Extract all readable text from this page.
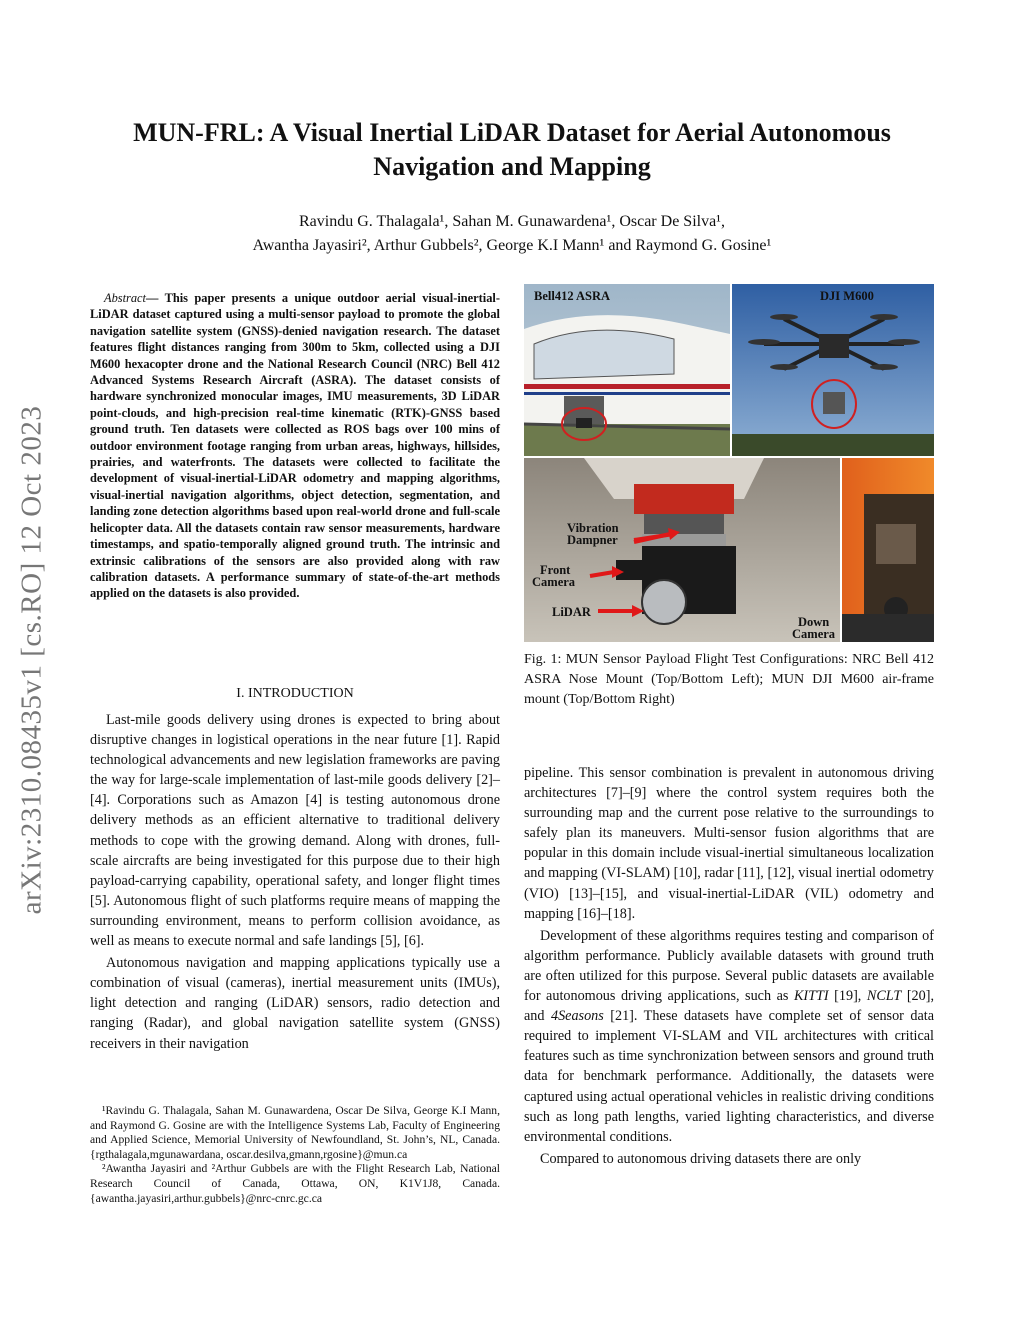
MUN-FRL: A Visual Inertial LiDAR Dataset for Aerial Autonomous
Navigation and Mapping
Ravindu G. Thalagala¹, Sahan M. Gunawardena¹, Oscar De Silva¹,
Awantha Jayasiri², Arthur Gubbels², George K.I Mann¹ and Raymond G. Gosine¹
arXiv:2310.08435v1 [cs.RO] 12 Oct 2023
Abstract— This paper presents a unique outdoor aerial visual-inertial-LiDAR dataset captured using a multi-sensor payload to promote the global navigation satellite system (GNSS)-denied navigation research. The dataset features flight distances ranging from 300m to 5km, collected using a DJI M600 hexacopter drone and the National Research Council (NRC) Bell 412 Advanced Systems Research Aircraft (ASRA). The dataset consists of hardware synchronized monocular images, IMU measurements, 3D LiDAR point-clouds, and high-precision real-time kinematic (RTK)-GNSS based ground truth. Ten datasets were collected as ROS bags over 100 mins of outdoor environment footage ranging from urban areas, highways, hillsides, prairies, and waterfronts. The datasets were collected to facilitate the development of visual-inertial-LiDAR odometry and mapping algorithms, visual-inertial navigation algorithms, object detection, segmentation, and landing zone detection algorithms based upon real-world drone and full-scale helicopter data. All the datasets contain raw sensor measurements, hardware timestamps, and spatio-temporally aligned ground truth. The intrinsic and extrinsic calibrations of the sensors are also provided along with raw calibration datasets. A performance summary of state-of-the-art methods applied on the datasets is also provided.
I. INTRODUCTION

Last-mile goods delivery using drones is expected to bring about disruptive changes in logistical operations in the near future [1]. Rapid technological advancements and new legislation frameworks are paving the way for large-scale implementation of last-mile goods delivery [2]–[4]. Corporations such as Amazon [4] is testing autonomous drone delivery methods as an efficient alternative to traditional delivery methods to cope with the growing demand. Along with drones, full-scale aircrafts are being investigated for this purpose due to their high payload-carrying capability, operational safety, and longer flight times [5]. Autonomous flight of such platforms require means of mapping the surrounding environment, means to perform collision avoidance, as well as means to execute normal and safe landings [5], [6].

Autonomous navigation and mapping applications typically use a combination of visual (cameras), inertial measurement units (IMUs), light detection and ranging (LiDAR) sensors, radio detection and ranging (Radar), and global navigation satellite system (GNSS) receivers in their navigation

¹Ravindu G. Thalagala, Sahan M. Gunawardena, Oscar De Silva, George K.I Mann, and Raymond G. Gosine are with the Intelligence Systems Lab, Faculty of Engineering and Applied Science, Memorial University of Newfoundland, St. John’s, NL, Canada. {rgthalagala,mgunawardana, oscar.desilva,gmann,rgosine}@mun.ca

²Awantha Jayasiri and ²Arthur Gubbels are with the Flight Research Lab, National Research Council of Canada, Ottawa, ON, K1V1J8, Canada. {awantha.jayasiri,arthur.gubbels}@nrc-cnrc.gc.ca

Bell412 ASRA	DJI M600
Vibration
Dampner
Front
Camera
LiDAR
Down
Camera
Fig. 1: MUN Sensor Payload Flight Test Configurations: NRC Bell 412 ASRA Nose Mount (Top/Bottom Left); MUN DJI M600 air-frame mount (Top/Bottom Right)

pipeline. This sensor combination is prevalent in autonomous driving architectures [7]–[9] where the control system requires both the surrounding map and the current pose relative to the surroundings to safely plan its maneuvers. Multi-sensor fusion algorithms that are popular in this domain include visual-inertial simultaneous localization and mapping (VI-SLAM) [10], radar [11], [12], visual inertial odometry (VIO) [13]–[15], and visual-inertial-LiDAR (VIL) odometry and mapping [16]–[18].

Development of these algorithms requires testing and comparison of algorithm performance. Publicly available datasets with ground truth are often utilized for this purpose. Several public datasets are available for autonomous driving applications, such as KITTI [19], NCLT [20], and 4Seasons [21]. These datasets have complete set of sensor data required to implement VI-SLAM and VIL architectures with critical features such as time synchronization between sensors and ground truth data for benchmark performance. Additionally, the datasets were captured using actual operational vehicles in realistic driving conditions such as long path lengths, varied lighting characteristics, and diverse environmental conditions.

Compared to autonomous driving datasets there are only
